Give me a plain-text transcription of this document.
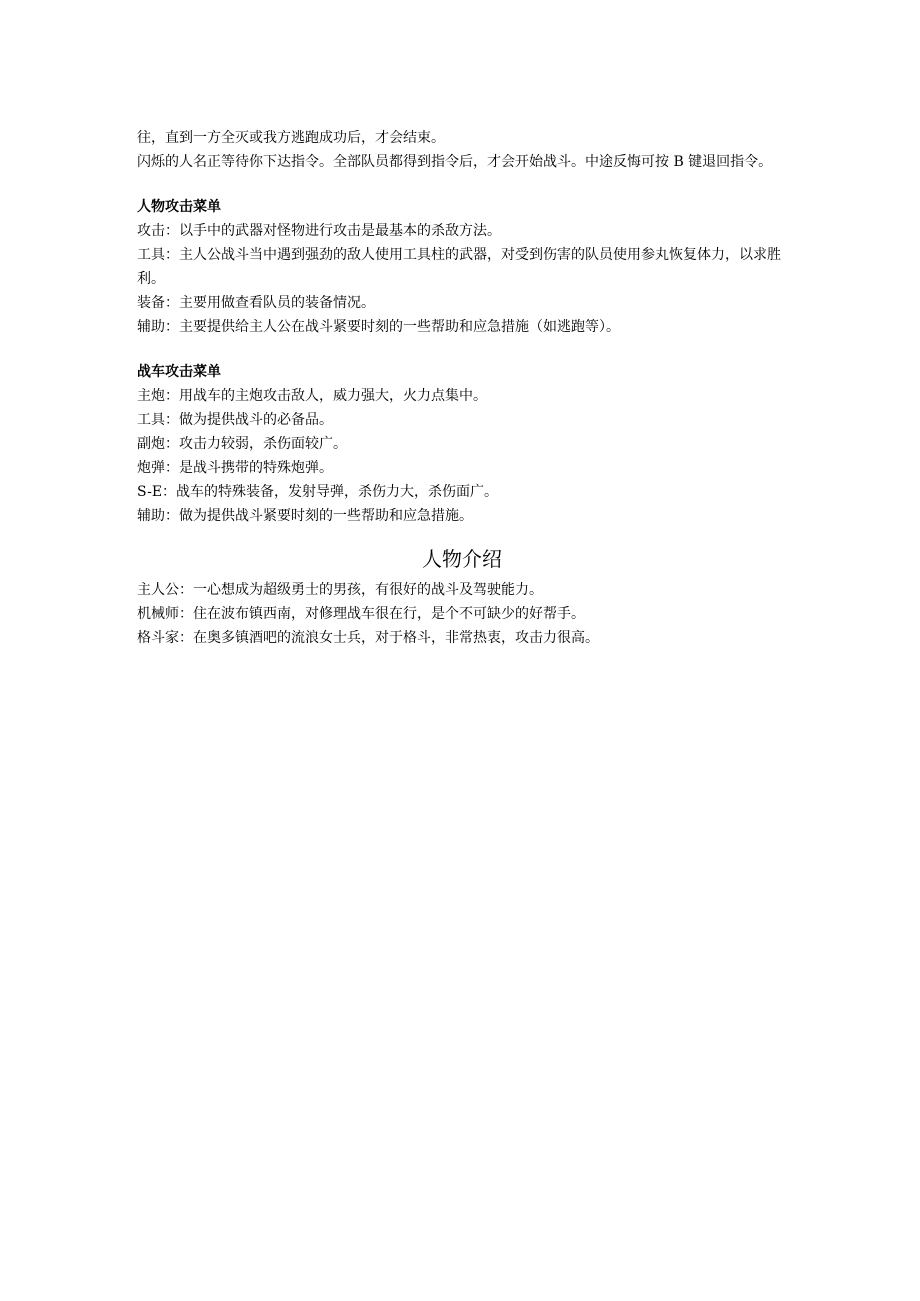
往，直到一方全灭或我方逃跑成功后，才会结束。

闪烁的人名正等待你下达指令。全部队员都得到指令后，才会开始战斗。中途反悔可按 B 键退回指令。

人物攻击菜单

攻击：以手中的武器对怪物进行攻击是最基本的杀敌方法。

工具：主人公战斗当中遇到强劲的敌人使用工具柱的武器，对受到伤害的队员使用参丸恢复体力，以求胜利。

装备：主要用做查看队员的装备情况。

辅助：主要提供给主人公在战斗紧要时刻的一些帮助和应急措施（如逃跑等）。

战车攻击菜单

主炮：用战车的主炮攻击敌人，威力强大，火力点集中。

工具：做为提供战斗的必备品。

副炮：攻击力较弱，杀伤面较广。

炮弹：是战斗携带的特殊炮弹。

S-E：战车的特殊装备，发射导弹，杀伤力大，杀伤面广。

辅助：做为提供战斗紧要时刻的一些帮助和应急措施。

人物介绍

主人公：一心想成为超级勇士的男孩，有很好的战斗及驾驶能力。

机械师：住在波布镇西南，对修理战车很在行，是个不可缺少的好帮手。

格斗家：在奥多镇酒吧的流浪女士兵，对于格斗，非常热衷，攻击力很高。
